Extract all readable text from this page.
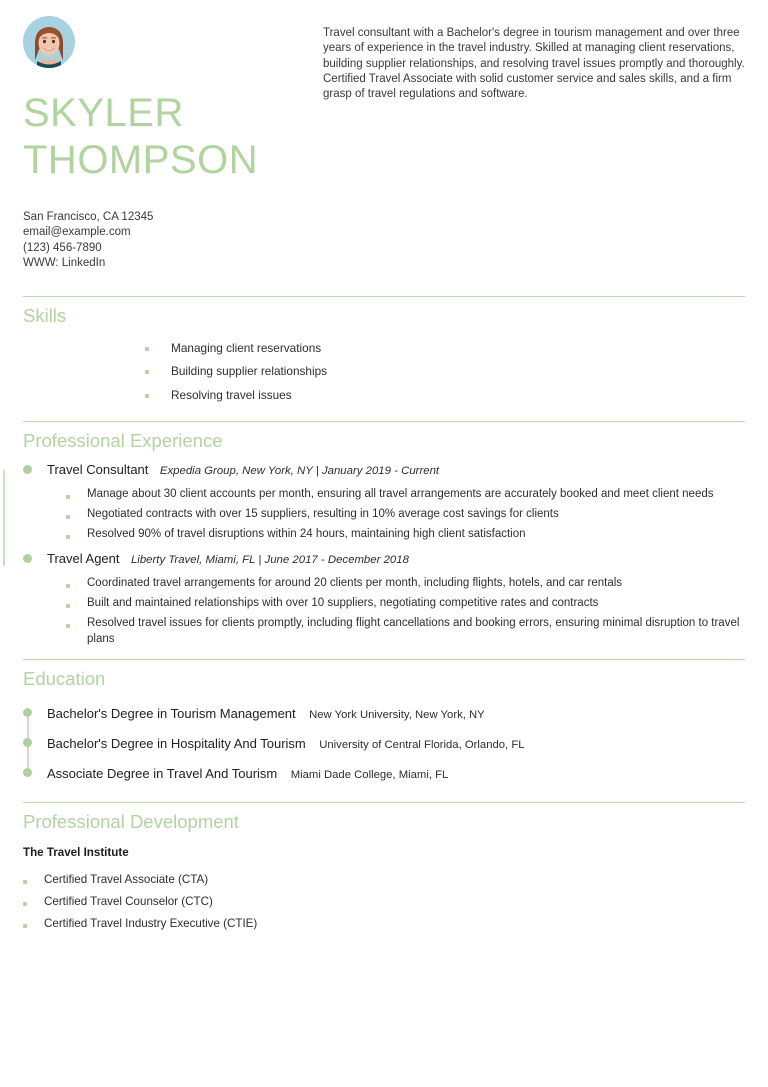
SKYLER
THOMPSON
San Francisco, CA 12345
email@example.com
(123) 456-7890
WWW: LinkedIn
Travel consultant with a Bachelor's degree in tourism management and over three years of experience in the travel industry. Skilled at managing client reservations, building supplier relationships, and resolving travel issues promptly and thoroughly. Certified Travel Associate with solid customer service and sales skills, and a firm grasp of travel regulations and software.
Skills
Managing client reservations
Building supplier relationships
Resolving travel issues
Professional Experience
Travel Consultant Expedia Group, New York, NY | January 2019 - Current
Manage about 30 client accounts per month, ensuring all travel arrangements are accurately booked and meet client needs
Negotiated contracts with over 15 suppliers, resulting in 10% average cost savings for clients
Resolved 90% of travel disruptions within 24 hours, maintaining high client satisfaction
Travel Agent Liberty Travel, Miami, FL | June 2017 - December 2018
Coordinated travel arrangements for around 20 clients per month, including flights, hotels, and car rentals
Built and maintained relationships with over 10 suppliers, negotiating competitive rates and contracts
Resolved travel issues for clients promptly, including flight cancellations and booking errors, ensuring minimal disruption to travel plans
Education
Bachelor's Degree in Tourism Management New York University, New York, NY
Bachelor's Degree in Hospitality And Tourism University of Central Florida, Orlando, FL
Associate Degree in Travel And Tourism Miami Dade College, Miami, FL
Professional Development
The Travel Institute
Certified Travel Associate (CTA)
Certified Travel Counselor (CTC)
Certified Travel Industry Executive (CTIE)
